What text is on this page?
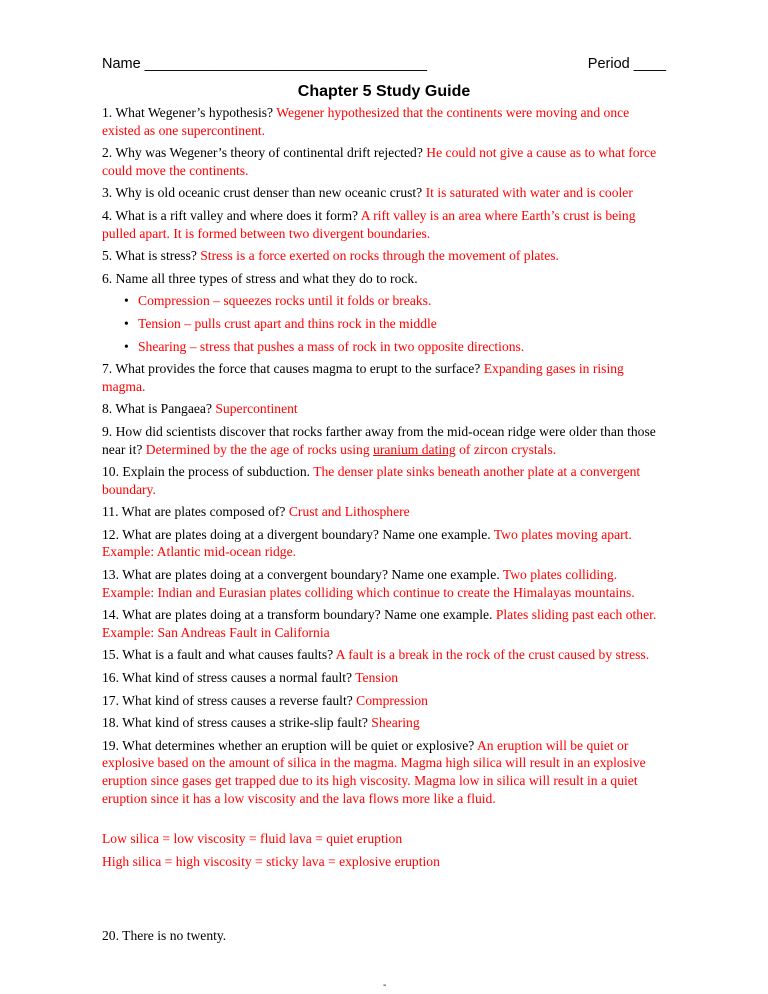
Name ___________________________________	Period ____
Chapter 5 Study Guide

1. What Wegener’s hypothesis? Wegener hypothesized that the continents were moving and once existed as one supercontinent.

2. Why was Wegener’s theory of continental drift rejected? He could not give a cause as to what force could move the continents.

3. Why is old oceanic crust denser than new oceanic crust? It is saturated with water and is cooler

4. What is a rift valley and where does it form? A rift valley is an area where Earth’s crust is being pulled apart. It is formed between two divergent boundaries.

5. What is stress? Stress is a force exerted on rocks through the movement of plates.

6. Name all three types of stress and what they do to rock.

• Compression – squeezes rocks until it folds or breaks.
• Tension – pulls crust apart and thins rock in the middle
• Shearing – stress that pushes a mass of rock in two opposite directions.

7. What provides the force that causes magma to erupt to the surface? Expanding gases in rising magma.

8. What is Pangaea? Supercontinent

9. How did scientists discover that rocks farther away from the mid-ocean ridge were older than those near it? Determined by the the age of rocks using uranium dating of zircon crystals.

10. Explain the process of subduction. The denser plate sinks beneath another plate at a convergent boundary.

11. What are plates composed of? Crust and Lithosphere

12. What are plates doing at a divergent boundary? Name one example. Two plates moving apart. Example: Atlantic mid-ocean ridge.

13. What are plates doing at a convergent boundary? Name one example. Two plates colliding. Example: Indian and Eurasian plates colliding which continue to create the Himalayas mountains.

14. What are plates doing at a transform boundary? Name one example. Plates sliding past each other. Example: San Andreas Fault in California

15. What is a fault and what causes faults? A fault is a break in the rock of the crust caused by stress.

16. What kind of stress causes a normal fault? Tension

17. What kind of stress causes a reverse fault? Compression

18. What kind of stress causes a strike-slip fault? Shearing

19. What determines whether an eruption will be quiet or explosive? An eruption will be quiet or explosive based on the amount of silica in the magma. Magma high silica will result in an explosive eruption since gases get trapped due to its high viscosity. Magma low in silica will result in a quiet eruption since it has a low viscosity and the lava flows more like a fluid.

Low silica = low viscosity = fluid lava = quiet eruption

High silica = high viscosity = sticky lava = explosive eruption

20. There is no twenty.

-
